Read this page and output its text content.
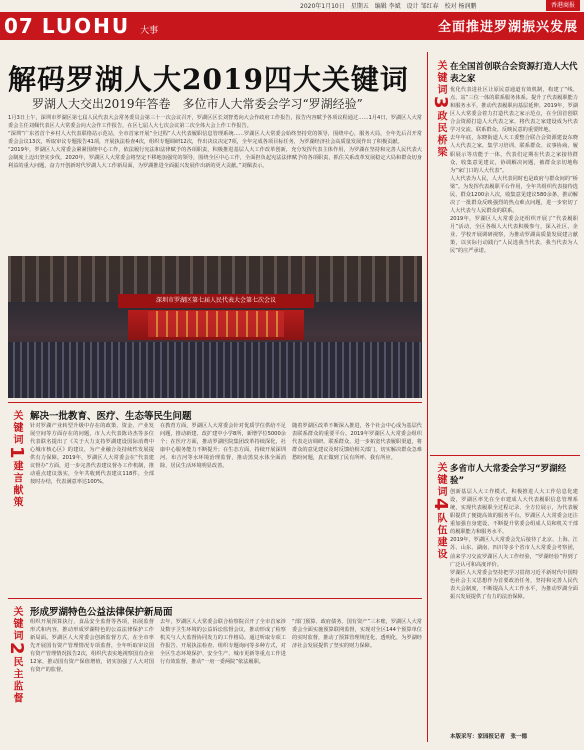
2020年1月10日 星期五 编辑 李斌 设计 邹红春 校对 杨润鹏	香港商报
07 LUOHU 大事	全面推进罗湖振兴发展
解码罗湖人大2019四大关键词
罗湖人大交出2019年答卷　多位市人大常委会学习“罗湖经验”

1月3日上午，深圳市罗湖区第七届人民代表大会常务委员会第三十一次会议召开，罗湖区区长刘智勇向大会作政府工作报告，报告内容赋予各项议程通过……1月4日，罗湖区人大常委会主任刘佩代表区人大常委会向大会作工作报告，在区七届人大七次会议第二次全体大会上作工作报告。

“深圳”广东省首个乡村人大代表联络站示范站，全市首家开展“全过程”人大代表履职信息管理系统……罗湖区人大常委会始终坚持党的领导，围绕中心，服务大局，全年先后召开常委会会议13次，听取审议专题报告41项，开展执法检查4次，组织专题调研12次，作出决议决定7项，全年完成各项目标任务，为罗湖经济社会高质量发展作出了积极贡献。

“2019年，罗湖区人大常委会紧紧围绕中心工作，依法履行宪法和法律赋予的各项职责，积极推进基层人大工作改革创新，充分发挥代表主体作用，为罗湖在坚持和完善人民代表大会制度上迈出坚实步伐。2020年，罗湖区人大常委会将坚定不移地加强党的领导，围绕全区中心工作，全面担负起宪法法律赋予的各项职责，抓住关系改革发展稳定大局和群众切身利益的重大问题，奋力开创新时代罗湖人大工作新局面，为罗湖推进全面振兴发展作出新的更大贡献。”刘佩表示。

深圳市罗湖区第七届人民代表大会第七次会议
关键词3政民桥梁
在全国首创联合会资源打造人大代表之家

优化代表进社区让原民意通道有效机制，构建了“线、点、站”三位一体的联系服务体系。提升了代表履职能力和服务水平，推动代表履职向基层延伸。2019年，罗湖区人大常委会着力打造代表之家示范点，在全国首创联合会资源打造人大代表之家，将代表之家建设成为代表学习交流、联系群众、反映民意的重要阵地。

去年年底，东晓街道人大工委整合联合会资源建设东晓人大代表之家，集学习培训、联系群众、议事协商、履职展示等功能于一体，代表们定期在代表之家接待群众，收集意见建议，协调解决问题，被群众亲切地称为“家门口的人大代表”。

人大代表为人民，人大代表同时也是政府与群众间的“桥梁”。为发挥代表履职平台作用，全年共组织代表接待选民、群众1200余人次，收集意见建议580余条，推动解决了一批群众反映强烈的热点难点问题，进一步密切了人大代表与人民群众的联系。

2019年，罗湖区人大常委会还组织开展了“代表履职月”活动，全区各级人大代表积极参与，深入社区、企业、学校开展调研视察，为推动罗湖高质量发展建言献策，以实际行动践行“人民选我当代表，我当代表为人民”的庄严承诺。

关键词4队伍建设
多省市人大常委会学习“罗湖经验”

创新基层人大工作模式，积极推进人大工作信息化建设，罗湖区率先在全市建成人大代表履职信息管理系统，实现代表履职全过程记录、全方位展示，为代表履职提供了便捷高效的服务平台。罗湖区人大常委会还注重加强自身建设，不断提升常委会组成人员和机关干部的履职能力和服务水平。

2019年，罗湖区人大常委会先后接待了北京、上海、江苏、山东、湖南、四川等多个省市人大常委会考察团，前来学习交流罗湖区人大工作经验，“罗湖经验”得到了广泛认可和高度评价。

罗湖区人大常委会坚持把学习贯彻习近平新时代中国特色社会主义思想作为首要政治任务，坚持和完善人民代表大会制度，不断提高人大工作水平，为推动罗湖全面振兴发展提供了有力的法治保障。

本版采写：家园报记者　张一德
关键词1建言献策
解决一批教育、医疗、生态等民生问题

针对罗湖产业转型升级中存在的政策、资金、产业发展空间等方面存在的问题，市人大代表陈诗杰等多位代表联名提出了《关于大力支持罗湖建设国际消费中心城市核心区》的建议，为产业融合及持续性发展提供有力保障。2019年，罗湖区人大常委会在“代表建议督办”方面，进一步完善代表建议督办工作机制，推动重点建议落实，全年共收到代表建议118件，全部按时办结，代表满意率达100%。

在教育方面，罗湖区人大常委会针对优质学位供给不足问题，推动新建、改扩建中小学8所，新增学位5000余个；在医疗方面，推动罗湖医院集团改革持续深化，社康中心服务能力不断提升；在生态方面，持续开展深圳河、布吉河等水环境治理监督，推动黑臭水体全面消除，居民生活环境明显改善。

随着罗湖区改革不断深入推进，各个社会中心成为基层代表联系群众的重要平台。2019年罗湖区人大常委会组织代表走访调研、联系群众，进一步拓宽代表履职渠道，将群众的意见建议及时反馈给相关部门，切实解决群众急难愁盼问题，真正做到了民有所呼、我有所应。

关键词2民主监督
形成罗湖特色公益法律保护新局面

组织开展预算执行、食品安全监督等各项，拓展监督形式和内容，推动形成罗湖特色的公益法律保护工作新局面。罗湖区人大常委会创新监督方式，在全市率先开展国有资产管理情况专项监督，全年听取审议国有资产管理情况报告2次，组织代表实地视察国有企业12家，推动国有资产保值增值，切实加强了人大对国有资产的监督。

去年，罗湖区人大常委会联合检察院召开了全市首家涉及数字卫生环境的公益诉讼监督会议，推动形成了检察机关与人大监督协同发力的工作格局。通过听取专项工作报告、开展执法检查、组织专题询问等多种方式，对全区生态环境保护、安全生产、城市更新等重点工作进行有效监督，推动“一府一委两院”依法履职。

“部门预算、政府债务、国有资产”三本账，罗湖区人大常委会全面实施预算联网监督，实现对全区144个预算单位的实时监督，推动了预算管理规范化、透明化，为罗湖经济社会发展提供了坚实的财力保障。
